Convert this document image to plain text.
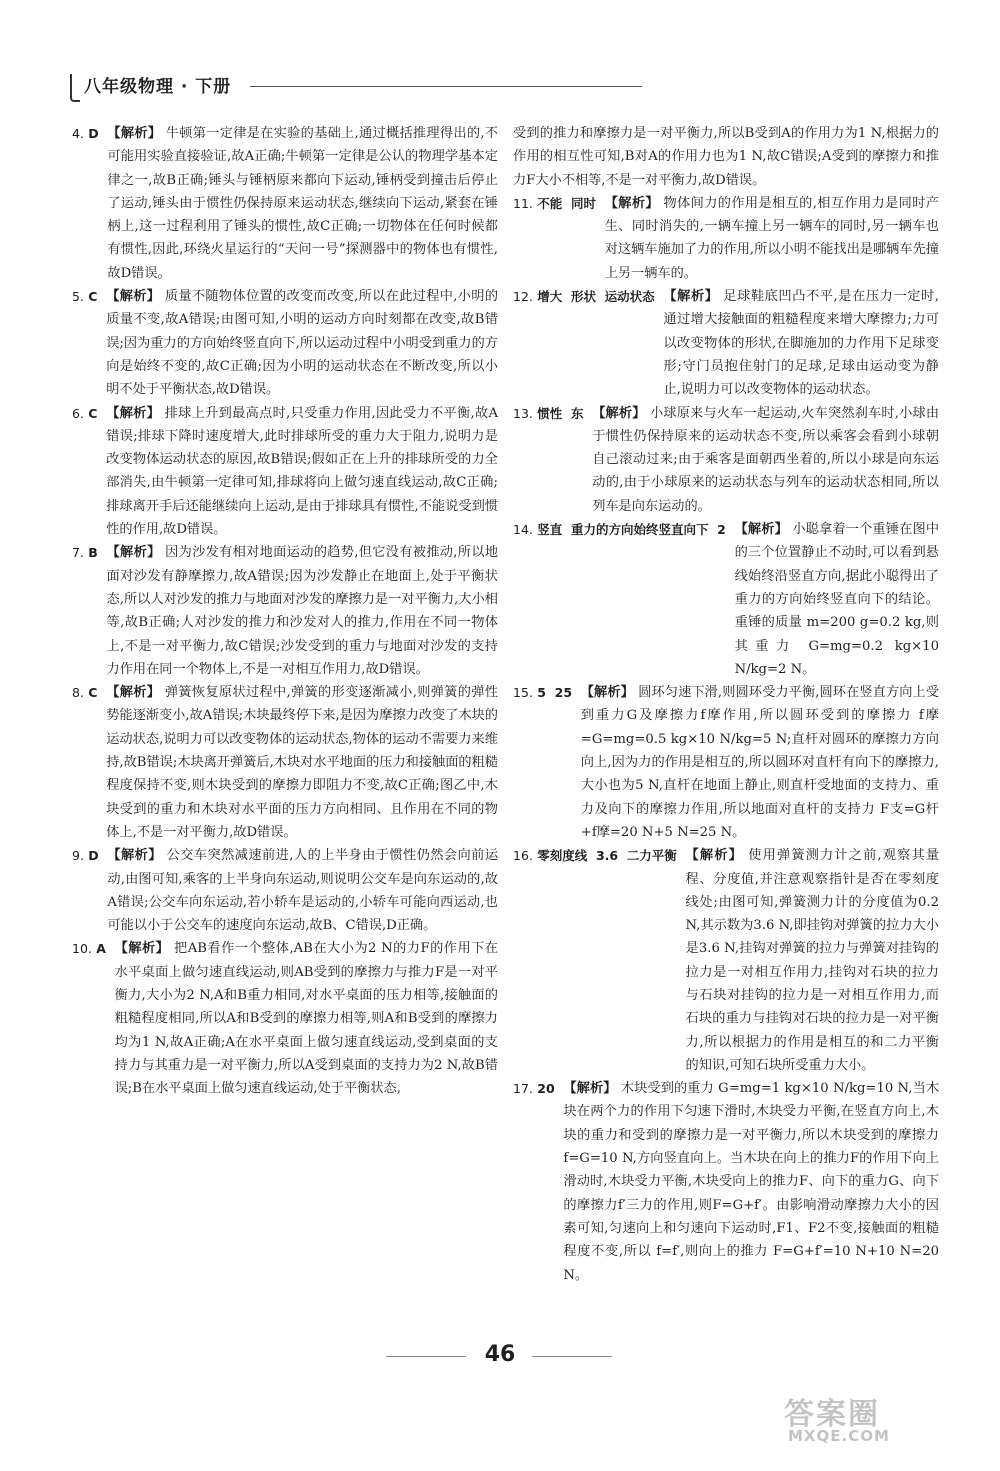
八年级物理 · 下册
4.
D
【解析】 牛顿第一定律是在实验的基础上,通过概括推理得出的,不可能用实验直接验证,故A正确;牛顿第一定律是公认的物理学基本定律之一,故B正确;锤头与锤柄原来都向下运动,锤柄受到撞击后停止了运动,锤头由于惯性仍保持原来运动状态,继续向下运动,紧套在锤柄上,这一过程利用了锤头的惯性,故C正确;一切物体在任何时候都有惯性,因此,环绕火星运行的“天问一号”探测器中的物体也有惯性,故D错误。
5.
C
【解析】 质量不随物体位置的改变而改变,所以在此过程中,小明的质量不变,故A错误;由图可知,小明的运动方向时刻都在改变,故B错误;因为重力的方向始终竖直向下,所以运动过程中小明受到重力的方向是始终不变的,故C正确;因为小明的运动状态在不断改变,所以小明不处于平衡状态,故D错误。
6.
C
【解析】 排球上升到最高点时,只受重力作用,因此受力不平衡,故A错误;排球下降时速度增大,此时排球所受的重力大于阻力,说明力是改变物体运动状态的原因,故B错误;假如正在上升的排球所受的力全部消失,由牛顿第一定律可知,排球将向上做匀速直线运动,故C正确;排球离开手后还能继续向上运动,是由于排球具有惯性,不能说受到惯性的作用,故D错误。
7.
B
【解析】 因为沙发有相对地面运动的趋势,但它没有被推动,所以地面对沙发有静摩擦力,故A错误;因为沙发静止在地面上,处于平衡状态,所以人对沙发的推力与地面对沙发的摩擦力是一对平衡力,大小相等,故B正确;人对沙发的推力和沙发对人的推力,作用在不同一物体上,不是一对平衡力,故C错误;沙发受到的重力与地面对沙发的支持力作用在同一个物体上,不是一对相互作用力,故D错误。
8.
C
【解析】 弹簧恢复原状过程中,弹簧的形变逐渐减小,则弹簧的弹性势能逐渐变小,故A错误;木块最终停下来,是因为摩擦力改变了木块的运动状态,说明力可以改变物体的运动状态,物体的运动不需要力来维持,故B错误;木块离开弹簧后,木块对水平地面的压力和接触面的粗糙程度保持不变,则木块受到的摩擦力即阻力不变,故C正确;图乙中,木块受到的重力和木块对水平面的压力方向相同、且作用在不同的物体上,不是一对平衡力,故D错误。
9.
D
【解析】 公交车突然减速前进,人的上半身由于惯性仍然会向前运动,由图可知,乘客的上半身向东运动,则说明公交车是向东运动的,故A错误;公交车向东运动,若小轿车是运动的,小轿车可能向西运动,也可能以小于公交车的速度向东运动,故B、C错误,D正确。
10.
A
【解析】 把AB看作一个整体,AB在大小为2 N的力F的作用下在水平桌面上做匀速直线运动,则AB受到的摩擦力与推力F是一对平衡力,大小为2 N,A和B重力相同,对水平桌面的压力相等,接触面的粗糙程度相同,所以A和B受到的摩擦力相等,则A和B受到的摩擦力均为1 N,故A正确;A在水平桌面上做匀速直线运动,受到桌面的支持力与其重力是一对平衡力,所以A受到桌面的支持力为2 N,故B错误;B在水平桌面上做匀速直线运动,处于平衡状态,
受到的推力和摩擦力是一对平衡力,所以B受到A的作用力为1 N,根据力的作用的相互性可知,B对A的作用力也为1 N,故C错误;A受到的摩擦力和推力F大小不相等,不是一对平衡力,故D错误。
11.
不能  同时
【解析】 物体间力的作用是相互的,相互作用力是同时产生、同时消失的,一辆车撞上另一辆车的同时,另一辆车也对这辆车施加了力的作用,所以小明不能找出是哪辆车先撞上另一辆车的。
12.
增大  形状  运动状态
【解析】 足球鞋底凹凸不平,是在压力一定时,通过增大接触面的粗糙程度来增大摩擦力;力可以改变物体的形状,在脚施加的力作用下足球变形;守门员抱住射门的足球,足球由运动变为静止,说明力可以改变物体的运动状态。
13.
惯性  东
【解析】 小球原来与火车一起运动,火车突然刹车时,小球由于惯性仍保持原来的运动状态不变,所以乘客会看到小球朝自己滚动过来;由于乘客是面朝西坐着的,所以小球是向东运动的,由于小球原来的运动状态与列车的运动状态相同,所以列车是向东运动的。
14.
竖直  重力的方向始终竖直向下  2
【解析】 小聪拿着一个重锤在图中的三个位置静止不动时,可以看到悬线始终沿竖直方向,据此小聪得出了重力的方向始终竖直向下的结论。重锤的质量 m=200 g=0.2 kg,则其重力 G=mg=0.2 kg×10 N/kg=2 N。
15.
5  25
【解析】 圆环匀速下滑,则圆环受力平衡,圆环在竖直方向上受到重力G及摩擦力f摩作用,所以圆环受到的摩擦力 f摩=G=mg=0.5 kg×10 N/kg=5 N;直杆对圆环的摩擦力方向向上,因为力的作用是相互的,所以圆环对直杆有向下的摩擦力,大小也为5 N,直杆在地面上静止,则直杆受地面的支持力、重力及向下的摩擦力作用,所以地面对直杆的支持力 F支=G杆+f摩=20 N+5 N=25 N。
16.
零刻度线  3.6  二力平衡
【解析】 使用弹簧测力计之前,观察其量程、分度值,并注意观察指针是否在零刻度线处;由图可知,弹簧测力计的分度值为0.2 N,其示数为3.6 N,即挂钩对弹簧的拉力大小是3.6 N,挂钩对弹簧的拉力与弹簧对挂钩的拉力是一对相互作用力,挂钩对石块的拉力与石块对挂钩的拉力是一对相互作用力,而石块的重力与挂钩对石块的拉力是一对平衡力,所以根据力的作用是相互的和二力平衡的知识,可知石块所受重力大小。
17.
20
【解析】 木块受到的重力 G=mg=1 kg×10 N/kg=10 N,当木块在两个力的作用下匀速下滑时,木块受力平衡,在竖直方向上,木块的重力和受到的摩擦力是一对平衡力,所以木块受到的摩擦力 f=G=10 N,方向竖直向上。当木块在向上的推力F的作用下向上滑动时,木块受力平衡,木块受向上的推力F、向下的重力G、向下的摩擦力f′三力的作用,则F=G+f′。由影响滑动摩擦力大小的因素可知,匀速向上和匀速向下运动时,F1、F2不变,接触面的粗糙程度不变,所以 f=f′,则向上的推力 F=G+f′=10 N+10 N=20 N。
46
答案圈
MXQE.COM
